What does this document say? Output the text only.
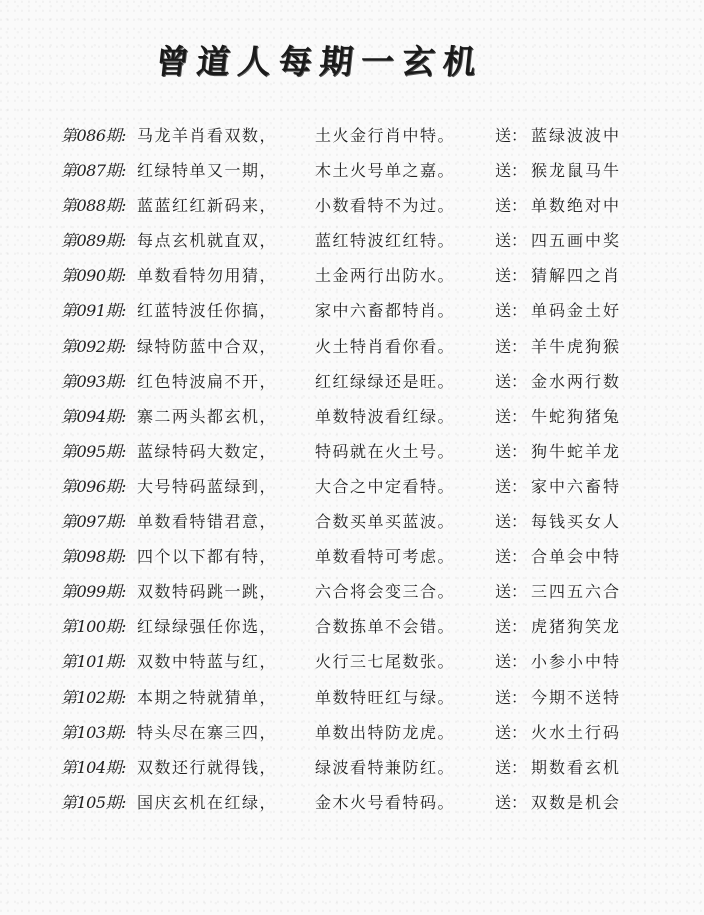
曾道人每期一玄机
第086期: 马龙羊肖看双数，	土火金行肖中特。	送： 蓝绿波波中
第087期: 红绿特单又一期，	木土火号单之嘉。	送： 猴龙鼠马牛
第088期: 蓝蓝红红新码来，	小数看特不为过。	送： 单数绝对中
第089期: 每点玄机就直双，	蓝红特波红红特。	送： 四五画中奖
第090期: 单数看特勿用猜，	土金两行出防水。	送： 猜解四之肖
第091期: 红蓝特波任你搞，	家中六畜都特肖。	送： 单码金土好
第092期: 绿特防蓝中合双，	火土特肖看你看。	送： 羊牛虎狗猴
第093期: 红色特波扁不开，	红红绿绿还是旺。	送： 金水两行数
第094期: 寨二两头都玄机，	单数特波看红绿。	送： 牛蛇狗猪兔
第095期: 蓝绿特码大数定，	特码就在火土号。	送： 狗牛蛇羊龙
第096期: 大号特码蓝绿到，	大合之中定看特。	送： 家中六畜特
第097期: 单数看特错君意，	合数买单买蓝波。	送： 每钱买女人
第098期: 四个以下都有特，	单数看特可考虑。	送： 合单会中特
第099期: 双数特码跳一跳，	六合将会变三合。	送： 三四五六合
第100期: 红绿绿强任你选，	合数拣单不会错。	送： 虎猪狗笑龙
第101期: 双数中特蓝与红，	火行三七尾数张。	送： 小参小中特
第102期: 本期之特就猜单，	单数特旺红与绿。	送： 今期不送特
第103期: 特头尽在寨三四，	单数出特防龙虎。	送： 火水土行码
第104期: 双数还行就得钱，	绿波看特兼防红。	送： 期数看玄机
第105期: 国庆玄机在红绿，	金木火号看特码。	送： 双数是机会
